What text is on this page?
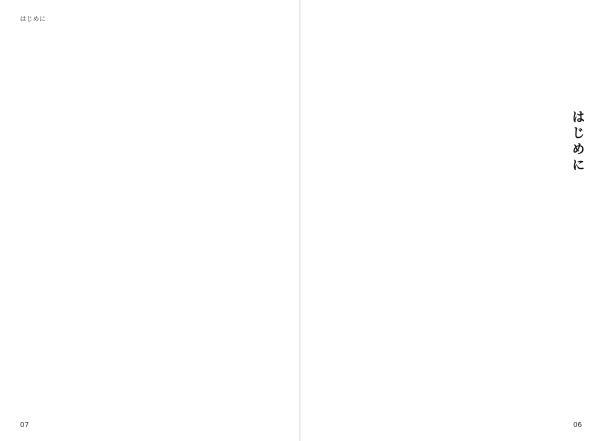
はじめに
07
はじめに
06
